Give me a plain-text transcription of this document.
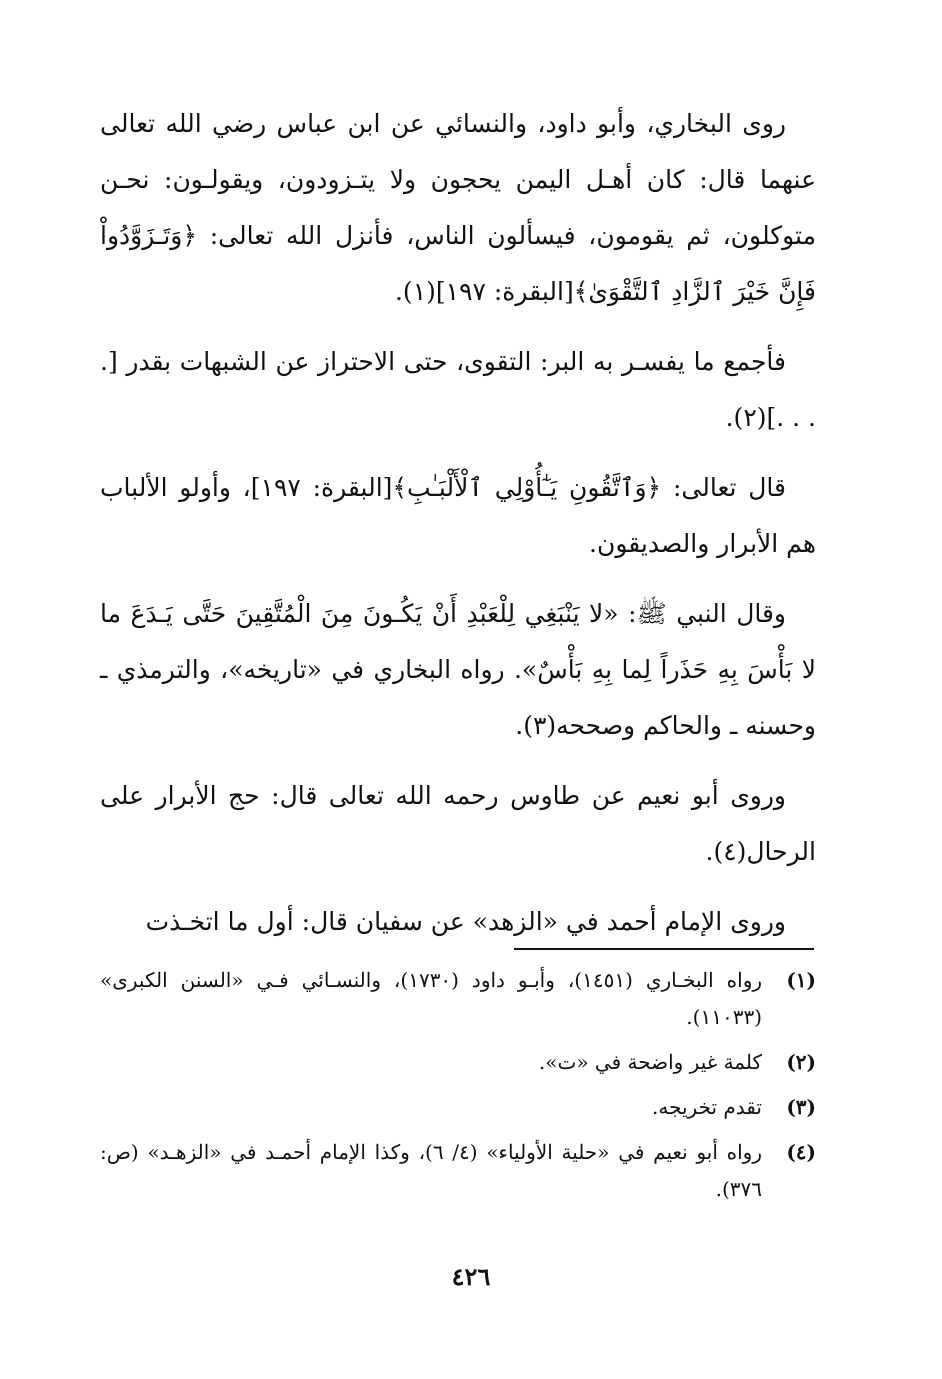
روى البخاري، وأبو داود، والنسائي عن ابن عباس رضي الله تعالى عنهما قال: كان أهـل اليمن يحجون ولا يتـزودون، ويقولـون: نحـن متوكلون، ثم يقومون، فيسألون الناس، فأنزل الله تعالى: ﴿وَتَـزَوَّدُواْ فَإِنَّ خَيْرَ ٱلزَّادِ ٱلتَّقْوَىٰ﴾[البقرة: ١٩٧](١).

فأجمع ما يفسـر به البر: التقوى، حتى الاحتراز عن الشبهات بقدر [. . . .](٢).

قال تعالى: ﴿وَٱتَّقُونِ يَـٰٓأُوْلِي ٱلْأَلْبَـٰبِ﴾[البقرة: ١٩٧]، وأولو الألباب هم الأبرار والصديقون.

وقال النبي ﷺ: «لا يَنْبَغِي لِلْعَبْدِ أَنْ يَكُـونَ مِنَ الْمُتَّقِينَ حَتَّى يَـدَعَ ما لا بَأْسَ بِهِ حَذَراً لِما بِهِ بَأْسٌ». رواه البخاري في «تاريخه»، والترمذي ـ وحسنه ـ والحاكم وصححه(٣).

وروى أبو نعيم عن طاوس رحمه الله تعالى قال: حج الأبرار على الرحال(٤).

وروى الإمام أحمد في «الزهد» عن سفيان قال: أول ما اتخـذت

(١)
رواه البخـاري (١٤٥١)، وأبـو داود (١٧٣٠)، والنسـائي فـي «السنن الكبرى» (١١٠٣٣).
(٢)
كلمة غير واضحة في «ت».
(٣)
تقدم تخريجه.
(٤)
رواه أبو نعيم في «حلية الأولياء» (٤/ ٦)، وكذا الإمام أحمـد في «الزهـد» (ص: ٣٧٦).
٤٢٦
